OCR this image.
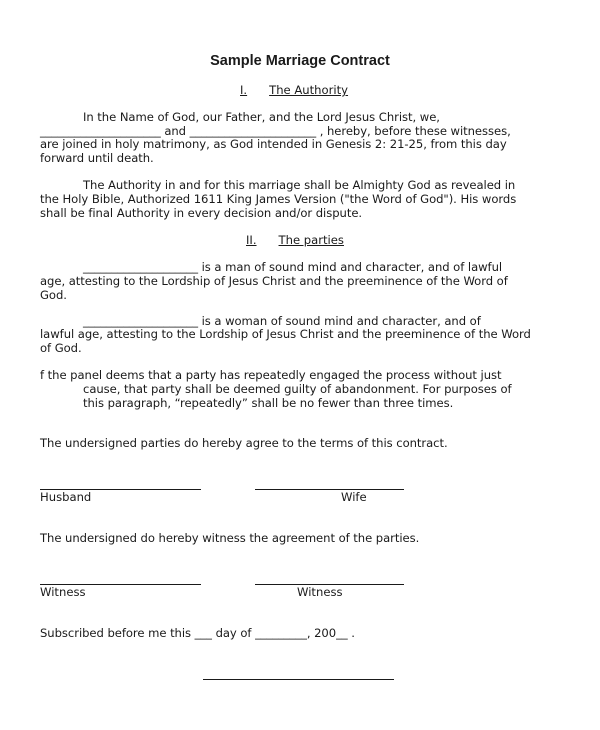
Sample Marriage Contract
I. The Authority
In the Name of God, our Father, and the Lord Jesus Christ, we,
_____________________ and ______________________ , hereby, before these witnesses,
are joined in holy matrimony, as God intended in Genesis 2: 21-25, from this day
forward until death.
The Authority in and for this marriage shall be Almighty God as revealed in
the Holy Bible, Authorized 1611 King James Version ("the Word of God"). His words
shall be final Authority in every decision and/or dispute.
II. The parties
____________________ is a man of sound mind and character, and of lawful
age, attesting to the Lordship of Jesus Christ and the preeminence of the Word of
God.
____________________ is a woman of sound mind and character, and of
lawful age, attesting to the Lordship of Jesus Christ and the preeminence of the Word
of God.
f the panel deems that a party has repeatedly engaged the process without just
cause, that party shall be deemed guilty of abandonment. For purposes of
this paragraph, “repeatedly” shall be no fewer than three times.
The undersigned parties do hereby agree to the terms of this contract.
Husband	Wife
The undersigned do hereby witness the agreement of the parties.
Witness	Witness
Subscribed before me this ___ day of _________, 200__ .
